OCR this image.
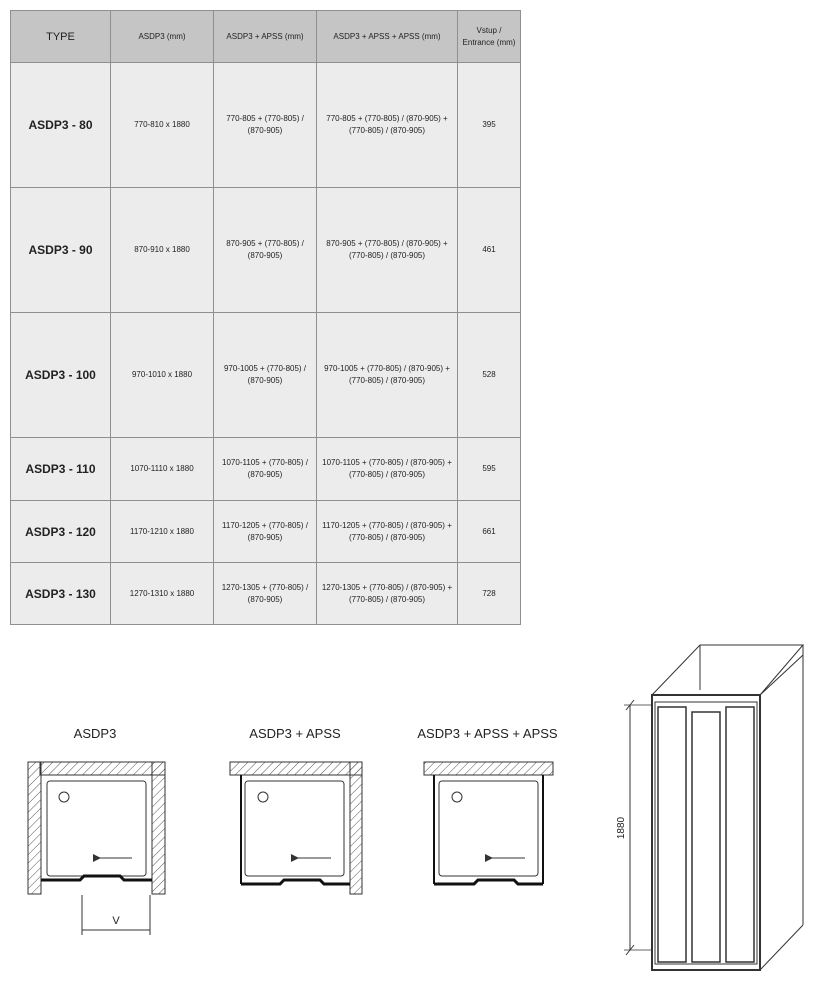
TYPE	ASDP3 (mm)	ASDP3 + APSS (mm)	ASDP3 + APSS + APSS (mm)	Vstup / Entrance (mm)
ASDP3 - 80	770-810 x 1880	770-805 + (770-805) / (870-905)	770-805 + (770-805) / (870-905) + (770-805) / (870-905)	395
ASDP3 - 90	870-910 x 1880	870-905 + (770-805) / (870-905)	870-905 + (770-805) / (870-905) + (770-805) / (870-905)	461
ASDP3 - 100	970-1010 x 1880	970-1005 + (770-805) / (870-905)	970-1005 + (770-805) / (870-905) + (770-805) / (870-905)	528
ASDP3 - 110	1070-1110 x 1880	1070-1105 + (770-805) / (870-905)	1070-1105 + (770-805) / (870-905) + (770-805) / (870-905)	595
ASDP3 - 120	1170-1210 x 1880	1170-1205 + (770-805) / (870-905)	1170-1205 + (770-805) / (870-905) + (770-805) / (870-905)	661
ASDP3 - 130	1270-1310 x 1880	1270-1305 + (770-805) / (870-905)	1270-1305 + (770-805) / (870-905) + (770-805) / (870-905)	728
ASDP3	ASDP3 + APSS	ASDP3 + APSS + APSS
V
1880
